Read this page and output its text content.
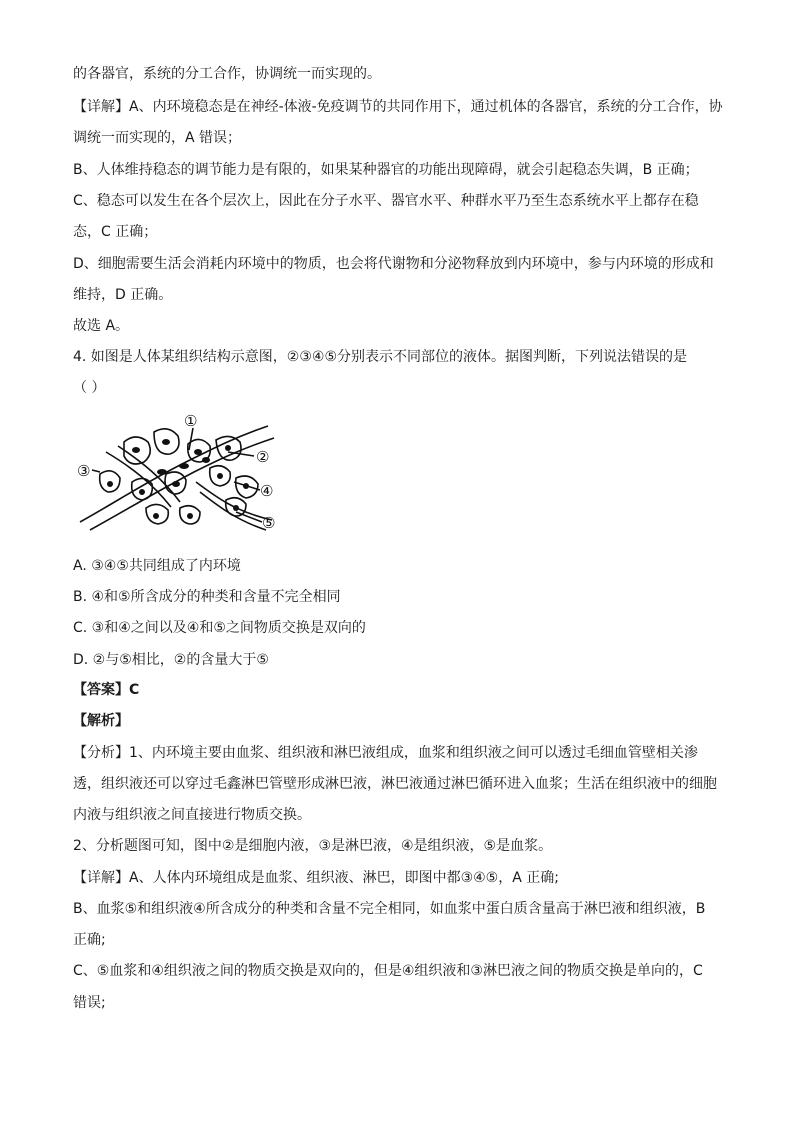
的各器官，系统的分工合作，协调统一而实现的。
【详解】A、内环境稳态是在神经-体液-免疫调节的共同作用下，通过机体的各器官，系统的分工合作，协
调统一而实现的，A 错误；
B、人体维持稳态的调节能力是有限的，如果某种器官的功能出现障碍，就会引起稳态失调，B 正确；
C、稳态可以发生在各个层次上，因此在分子水平、器官水平、种群水平乃至生态系统水平上都存在稳
态，C 正确；
D、细胞需要生活会消耗内环境中的物质，也会将代谢物和分泌物释放到内环境中，参与内环境的形成和
维持，D 正确。
故选 A。
4. 如图是人体某组织结构示意图，②③④⑤分别表示不同部位的液体。据图判断，下列说法错误的是
（ ）
①
②
③
④
⑤
A. ③④⑤共同组成了内环境
B. ④和⑤所含成分的种类和含量不完全相同
C. ③和④之间以及④和⑤之间物质交换是双向的
D. ②与⑤相比，②的含量大于⑤
【答案】C
【解析】
【分析】1、内环境主要由血浆、组织液和淋巴液组成，血浆和组织液之间可以透过毛细血管壁相关渗
透，组织液还可以穿过毛鑫淋巴管壁形成淋巴液，淋巴液通过淋巴循环进入血浆；生活在组织液中的细胞
内液与组织液之间直接进行物质交换。
2、分析题图可知，图中②是细胞内液，③是淋巴液，④是组织液，⑤是血浆。
【详解】A、人体内环境组成是血浆、组织液、淋巴，即图中都③④⑤，A 正确;
B、血浆⑤和组织液④所含成分的种类和含量不完全相同，如血浆中蛋白质含量高于淋巴液和组织液，B
正确;
C、⑤血浆和④组织液之间的物质交换是双向的，但是④组织液和③淋巴液之间的物质交换是单向的，C
错误;
